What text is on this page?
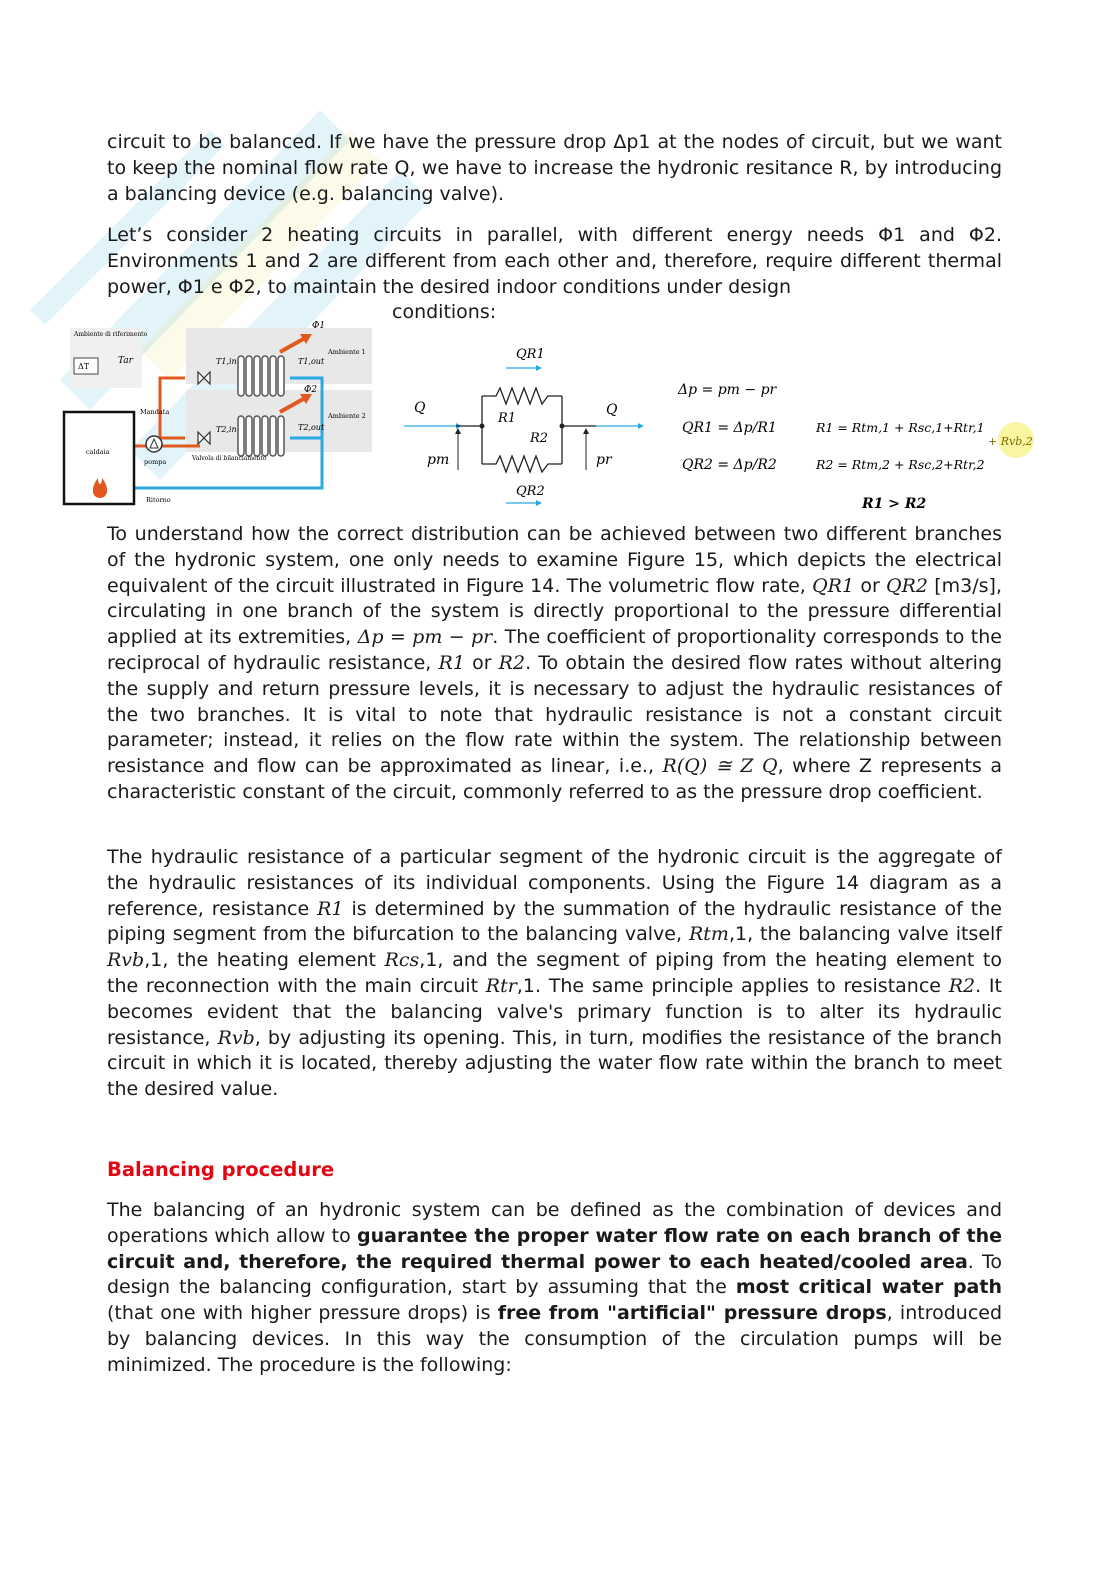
circuit to be balanced. If we have the pressure drop Δp1 at the nodes of circuit, but we want to keep the nominal flow rate Q, we have to increase the hydronic resitance R, by introducing a balancing device (e.g. balancing valve).

Let’s consider 2 heating circuits in parallel, with different energy needs Φ1 and Φ2. Environments 1 and 2 are different from each other and, therefore, require different thermal power, Φ1 e Φ2, to maintain the desired indoor conditions under design

conditions:
Ambiente di riferimento
ΔT
Tar
Φ1
Φ2
T1,in	T1,out
T2,in	T2,out
Ambiente 1
Ambiente 2
Mandata
caldaia
pompa	Valvola di bilanciamento
Ritorno
Q	Q
QR1
QR2
R1
R2
pm	pr
Δp = pm − pr
QR1 = Δp/R1
QR2 = Δp/R2
R1 = Rtm,1 + Rsc,1+Rtr,1
+ Rvb,2
R2 = Rtm,2 + Rsc,2+Rtr,2
R1 > R2

To understand how the correct distribution can be achieved between two different branches of the hydronic system, one only needs to examine Figure 15, which depicts the electrical equivalent of the circuit illustrated in Figure 14. The volumetric flow rate, QR1 or QR2 [m3/s], circulating in one branch of the system is directly proportional to the pressure differential applied at its extremities, Δp = pm − pr. The coefficient of proportionality corresponds to the reciprocal of hydraulic resistance, R1 or R2. To obtain the desired flow rates without altering the supply and return pressure levels, it is necessary to adjust the hydraulic resistances of the two branches. It is vital to note that hydraulic resistance is not a constant circuit parameter; instead, it relies on the flow rate within the system. The relationship between resistance and flow can be approximated as linear, i.e., R(Q) ≅ Z Q, where Z represents a characteristic constant of the circuit, commonly referred to as the pressure drop coefficient.

The hydraulic resistance of a particular segment of the hydronic circuit is the aggregate of the hydraulic resistances of its individual components. Using the Figure 14 diagram as a reference, resistance R1 is determined by the summation of the hydraulic resistance of the piping segment from the bifurcation to the balancing valve, Rtm,1, the balancing valve itself Rvb,1, the heating element Rcs,1, and the segment of piping from the heating element to the reconnection with the main circuit Rtr,1. The same principle applies to resistance R2. It becomes evident that the balancing valve's primary function is to alter its hydraulic resistance, Rvb, by adjusting its opening. This, in turn, modifies the resistance of the branch circuit in which it is located, thereby adjusting the water flow rate within the branch to meet the desired value.

Balancing procedure

The balancing of an hydronic system can be defined as the combination of devices and operations which allow to guarantee the proper water flow rate on each branch of the circuit and, therefore, the required thermal power to each heated/cooled area. To design the balancing configuration, start by assuming that the most critical water path (that one with higher pressure drops) is free from "artificial" pressure drops, introduced by balancing devices. In this way the consumption of the circulation pumps will be minimized. The procedure is the following:
